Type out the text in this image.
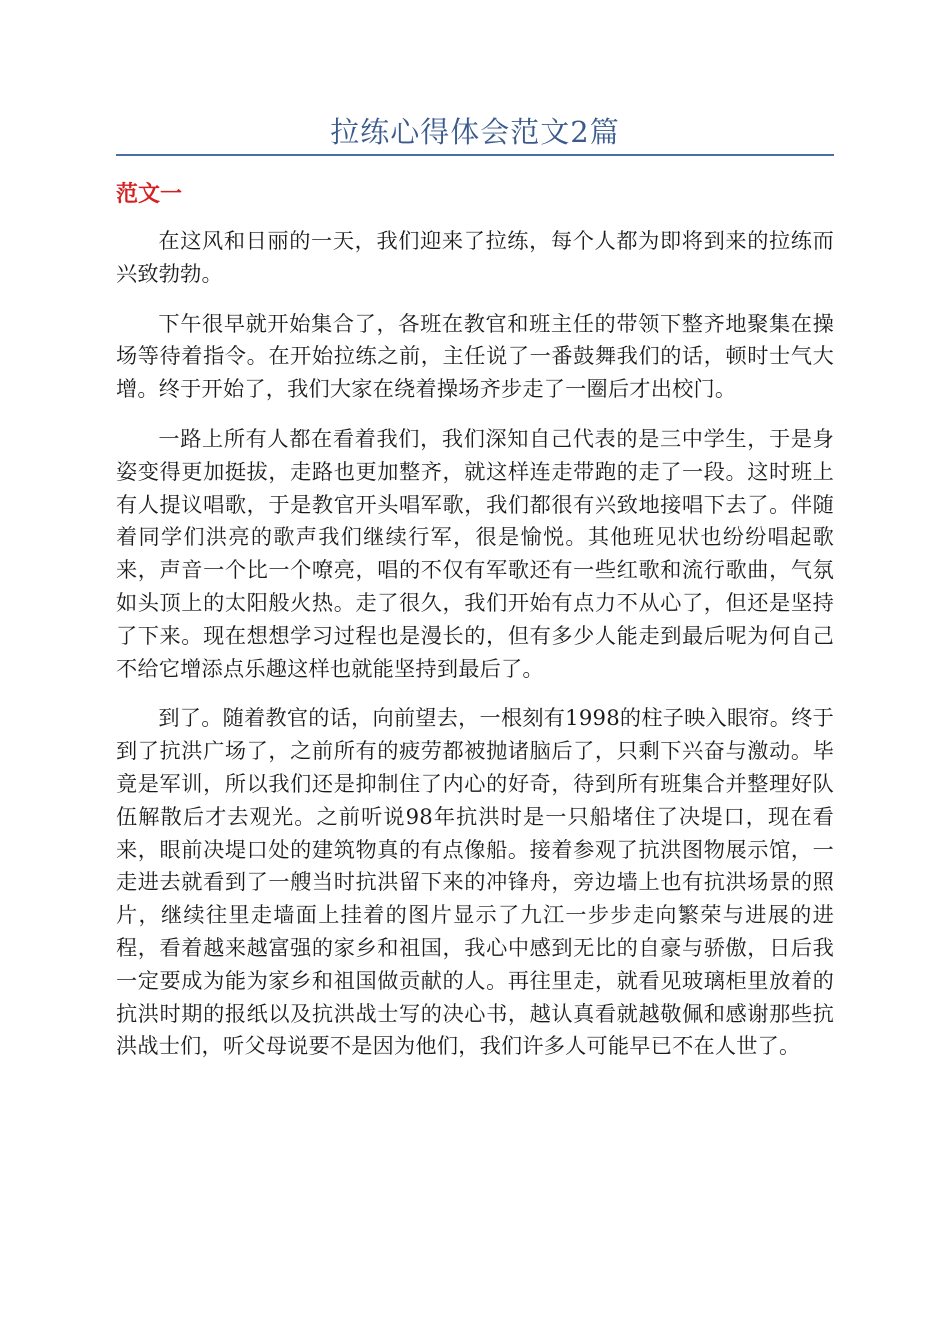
拉练心得体会范文2篇
范文一

在这风和日丽的一天，我们迎来了拉练，每个人都为即将到来的拉练而兴致勃勃。

下午很早就开始集合了，各班在教官和班主任的带领下整齐地聚集在操场等待着指令。在开始拉练之前，主任说了一番鼓舞我们的话，顿时士气大增。终于开始了，我们大家在绕着操场齐步走了一圈后才出校门。

一路上所有人都在看着我们，我们深知自己代表的是三中学生，于是身姿变得更加挺拔，走路也更加整齐，就这样连走带跑的走了一段。这时班上有人提议唱歌，于是教官开头唱军歌，我们都很有兴致地接唱下去了。伴随着同学们洪亮的歌声我们继续行军，很是愉悦。其他班见状也纷纷唱起歌来，声音一个比一个嘹亮，唱的不仅有军歌还有一些红歌和流行歌曲，气氛如头顶上的太阳般火热。走了很久，我们开始有点力不从心了，但还是坚持了下来。现在想想学习过程也是漫长的，但有多少人能走到最后呢为何自己不给它增添点乐趣这样也就能坚持到最后了。

到了。随着教官的话，向前望去，一根刻有1998的柱子映入眼帘。终于到了抗洪广场了，之前所有的疲劳都被抛诸脑后了，只剩下兴奋与激动。毕竟是军训，所以我们还是抑制住了内心的好奇，待到所有班集合并整理好队伍解散后才去观光。之前听说98年抗洪时是一只船堵住了决堤口，现在看来，眼前决堤口处的建筑物真的有点像船。接着参观了抗洪图物展示馆，一走进去就看到了一艘当时抗洪留下来的冲锋舟，旁边墙上也有抗洪场景的照片，继续往里走墙面上挂着的图片显示了九江一步步走向繁荣与进展的进程，看着越来越富强的家乡和祖国，我心中感到无比的自豪与骄傲，日后我一定要成为能为家乡和祖国做贡献的人。再往里走，就看见玻璃柜里放着的抗洪时期的报纸以及抗洪战士写的决心书，越认真看就越敬佩和感谢那些抗洪战士们，听父母说要不是因为他们，我们许多人可能早已不在人世了。
